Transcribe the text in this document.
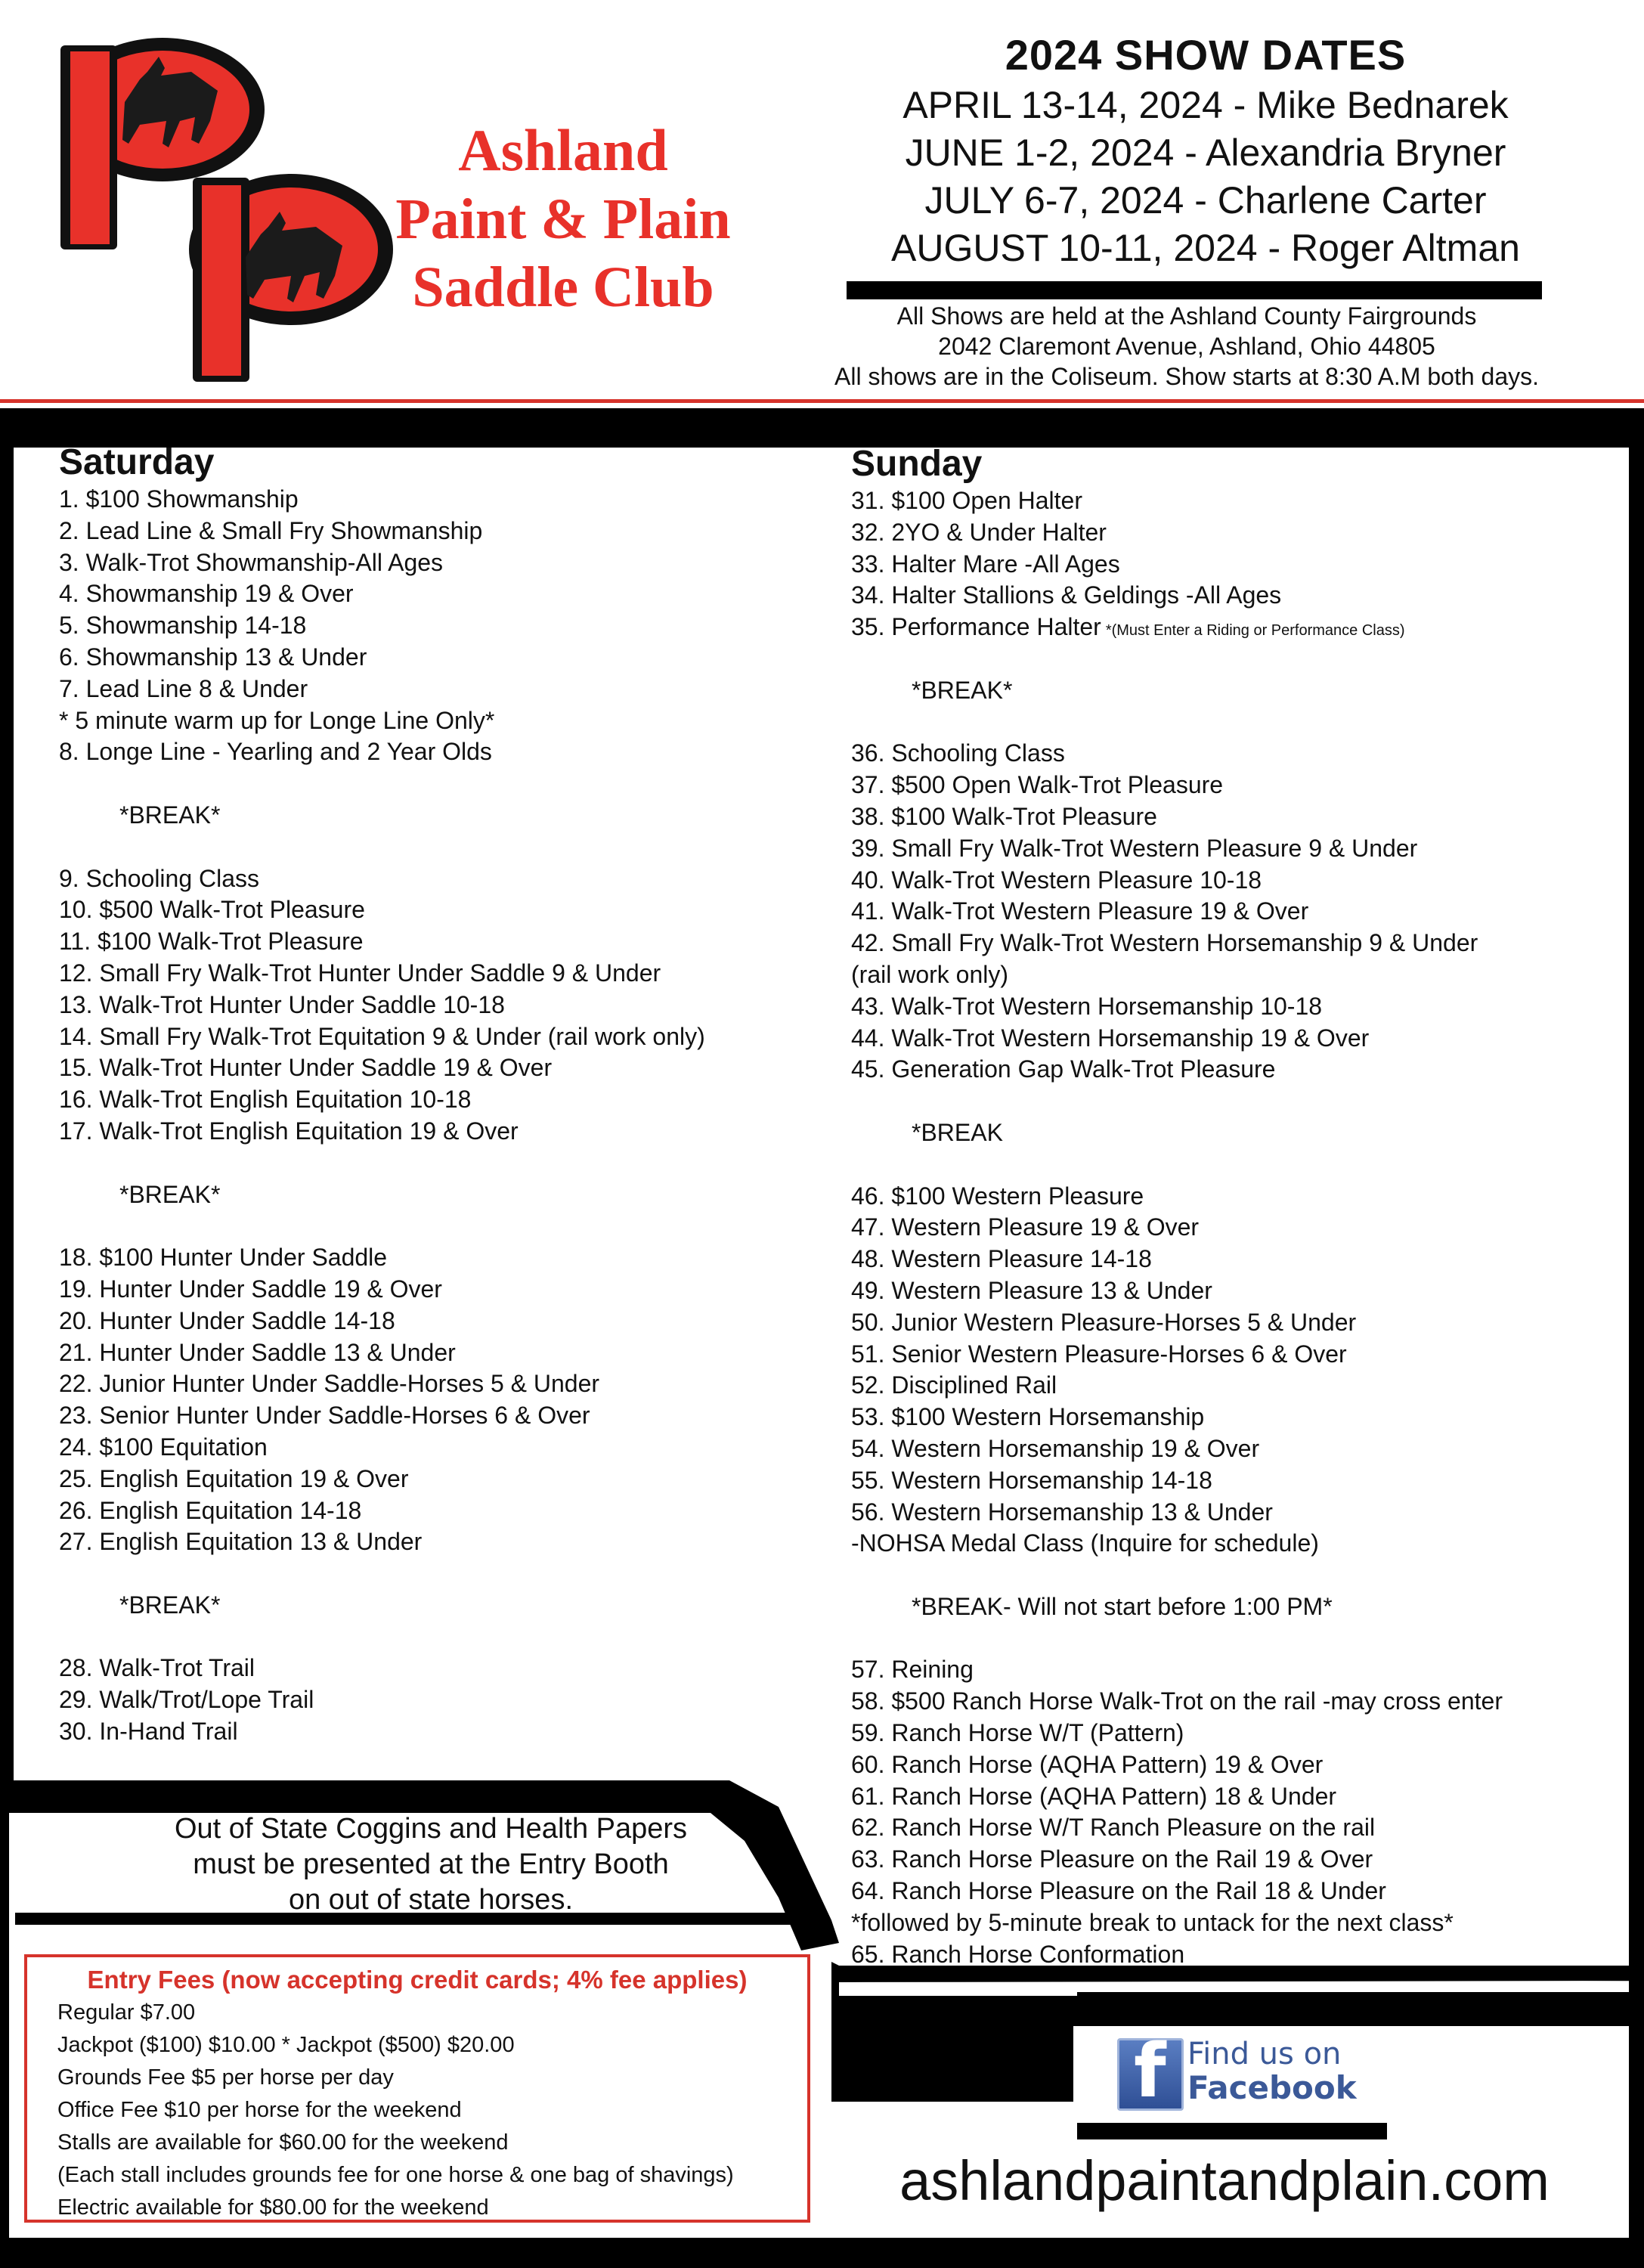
Ashland
Paint & Plain
Saddle Club
2024 SHOW DATES
APRIL 13-14, 2024 - Mike Bednarek
JUNE 1-2, 2024 - Alexandria Bryner
JULY 6-7, 2024 - Charlene Carter
AUGUST 10-11, 2024 - Roger Altman
All Shows are held at the Ashland County Fairgrounds
2042 Claremont Avenue, Ashland, Ohio 44805
All shows are in the Coliseum. Show starts at 8:30 A.M both days.
Saturday
1. $100 Showmanship
2. Lead Line & Small Fry Showmanship
3. Walk-Trot Showmanship-All Ages
4. Showmanship 19 & Over
5. Showmanship 14-18
6. Showmanship 13 & Under
7. Lead Line 8 & Under
* 5 minute warm up for Longe Line Only*
8. Longe Line - Yearling and 2 Year Olds
*BREAK*
9. Schooling Class
10. $500 Walk-Trot Pleasure
11. $100 Walk-Trot Pleasure
12. Small Fry Walk-Trot Hunter Under Saddle 9 & Under
13. Walk-Trot Hunter Under Saddle 10-18
14. Small Fry Walk-Trot Equitation 9 & Under (rail work only)
15. Walk-Trot Hunter Under Saddle 19 & Over
16. Walk-Trot English Equitation 10-18
17. Walk-Trot English Equitation 19 & Over
*BREAK*
18. $100 Hunter Under Saddle
19. Hunter Under Saddle 19 & Over
20. Hunter Under Saddle 14-18
21. Hunter Under Saddle 13 & Under
22. Junior Hunter Under Saddle-Horses 5 & Under
23. Senior Hunter Under Saddle-Horses 6 & Over
24. $100 Equitation
25. English Equitation 19 & Over
26. English Equitation 14-18
27. English Equitation 13 & Under
*BREAK*
28. Walk-Trot Trail
29. Walk/Trot/Lope Trail
30. In-Hand Trail
Sunday
31. $100 Open Halter
32. 2YO & Under Halter
33. Halter Mare -All Ages
34. Halter Stallions & Geldings -All Ages
35. Performance Halter *(Must Enter a Riding or Performance Class)
*BREAK*
36. Schooling Class
37. $500 Open Walk-Trot Pleasure
38. $100 Walk-Trot Pleasure
39. Small Fry Walk-Trot Western Pleasure 9 & Under
40. Walk-Trot Western Pleasure 10-18
41. Walk-Trot Western Pleasure 19 & Over
42. Small Fry Walk-Trot Western Horsemanship 9 & Under
(rail work only)
43. Walk-Trot Western Horsemanship 10-18
44. Walk-Trot Western Horsemanship 19 & Over
45. Generation Gap Walk-Trot Pleasure
*BREAK
46. $100 Western Pleasure
47. Western Pleasure 19 & Over
48. Western Pleasure 14-18
49. Western Pleasure 13 & Under
50. Junior Western Pleasure-Horses 5 & Under
51. Senior Western Pleasure-Horses 6 & Over
52. Disciplined Rail
53. $100 Western Horsemanship
54. Western Horsemanship 19 & Over
55. Western Horsemanship 14-18
56. Western Horsemanship 13 & Under
-NOHSA Medal Class (Inquire for schedule)
*BREAK- Will not start before 1:00 PM*
57. Reining
58. $500 Ranch Horse Walk-Trot on the rail -may cross enter
59. Ranch Horse W/T (Pattern)
60. Ranch Horse (AQHA Pattern) 19 & Over
61. Ranch Horse (AQHA Pattern) 18 & Under
62. Ranch Horse W/T Ranch Pleasure on the rail
63. Ranch Horse Pleasure on the Rail 19 & Over
64. Ranch Horse Pleasure on the Rail 18 & Under
*followed by 5-minute break to untack for the next class*
65. Ranch Horse Conformation
Out of State Coggins and Health Papers
must be presented at the Entry Booth
on out of state horses.
Entry Fees (now accepting credit cards; 4% fee applies)
Regular $7.00
Jackpot ($100) $10.00 * Jackpot ($500) $20.00
Grounds Fee $5 per horse per day
Office Fee $10 per horse for the weekend
Stalls are available for $60.00 for the weekend
(Each stall includes grounds fee for one horse & one bag of shavings)
Electric available for $80.00 for the weekend
f Find us on
Facebook
ashlandpaintandplain.com
